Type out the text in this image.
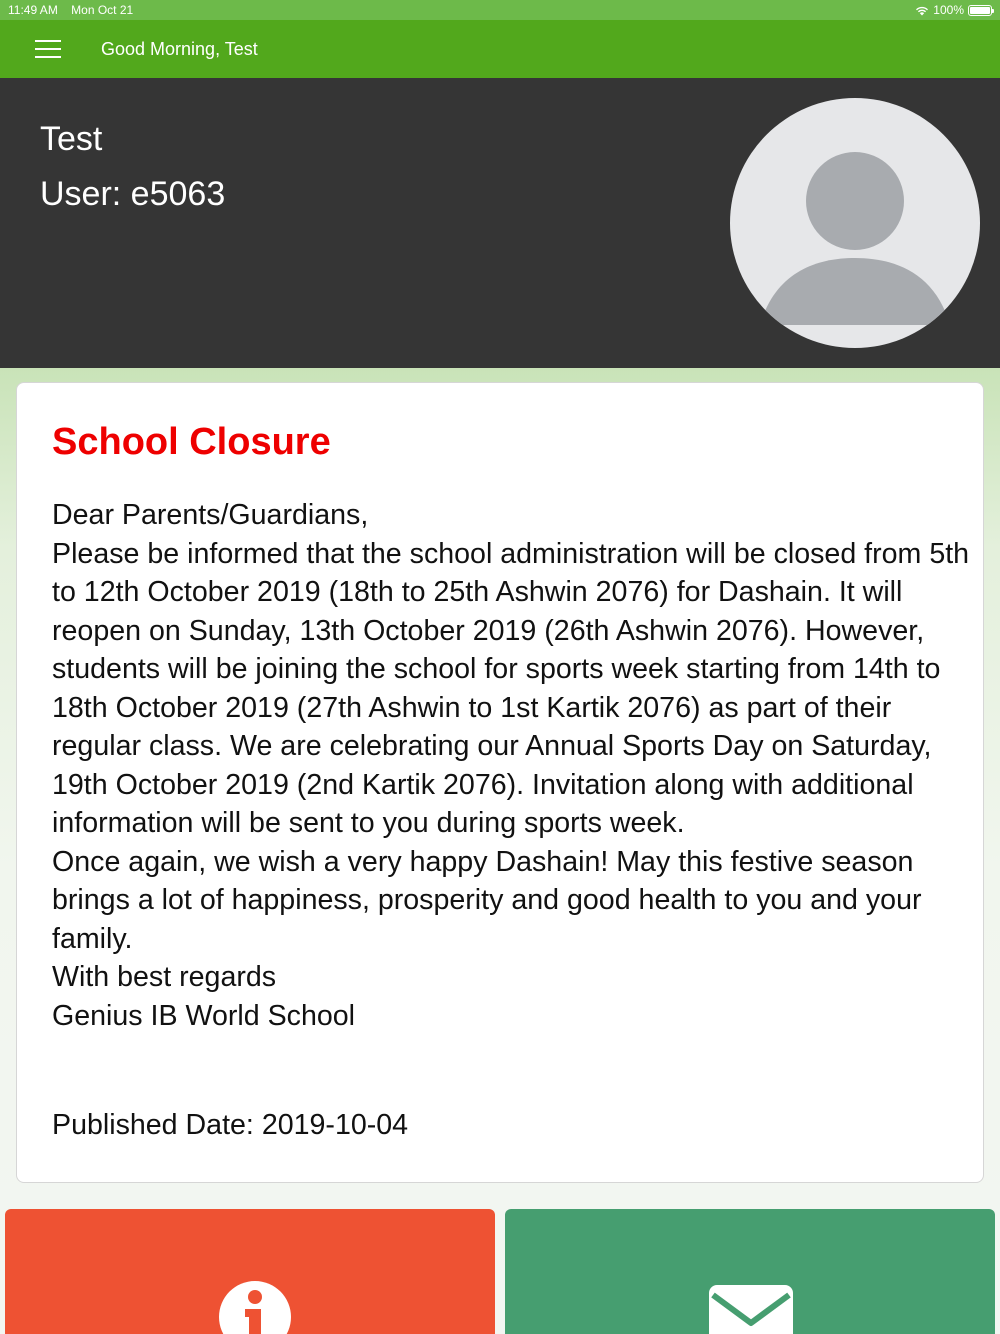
11:49 AM Mon Oct 21	100%
Good Morning, Test
Test
User: e5063
School Closure
Dear Parents/Guardians,
Please be informed that the school administration will be closed from 5th to 12th October 2019 (18th to 25th Ashwin 2076) for Dashain. It will reopen on Sunday, 13th October 2019 (26th Ashwin 2076). However, students will be joining the school for sports week starting from 14th to 18th October 2019 (27th Ashwin to 1st Kartik 2076) as part of their regular class. We are celebrating our Annual Sports Day on Saturday, 19th October 2019 (2nd Kartik 2076). Invitation along with additional information will be sent to you during sports week.
Once again, we wish a very happy Dashain! May this festive season brings a lot of happiness, prosperity and good health to you and your family.
With best regards
Genius IB World School
Published Date: 2019-10-04
